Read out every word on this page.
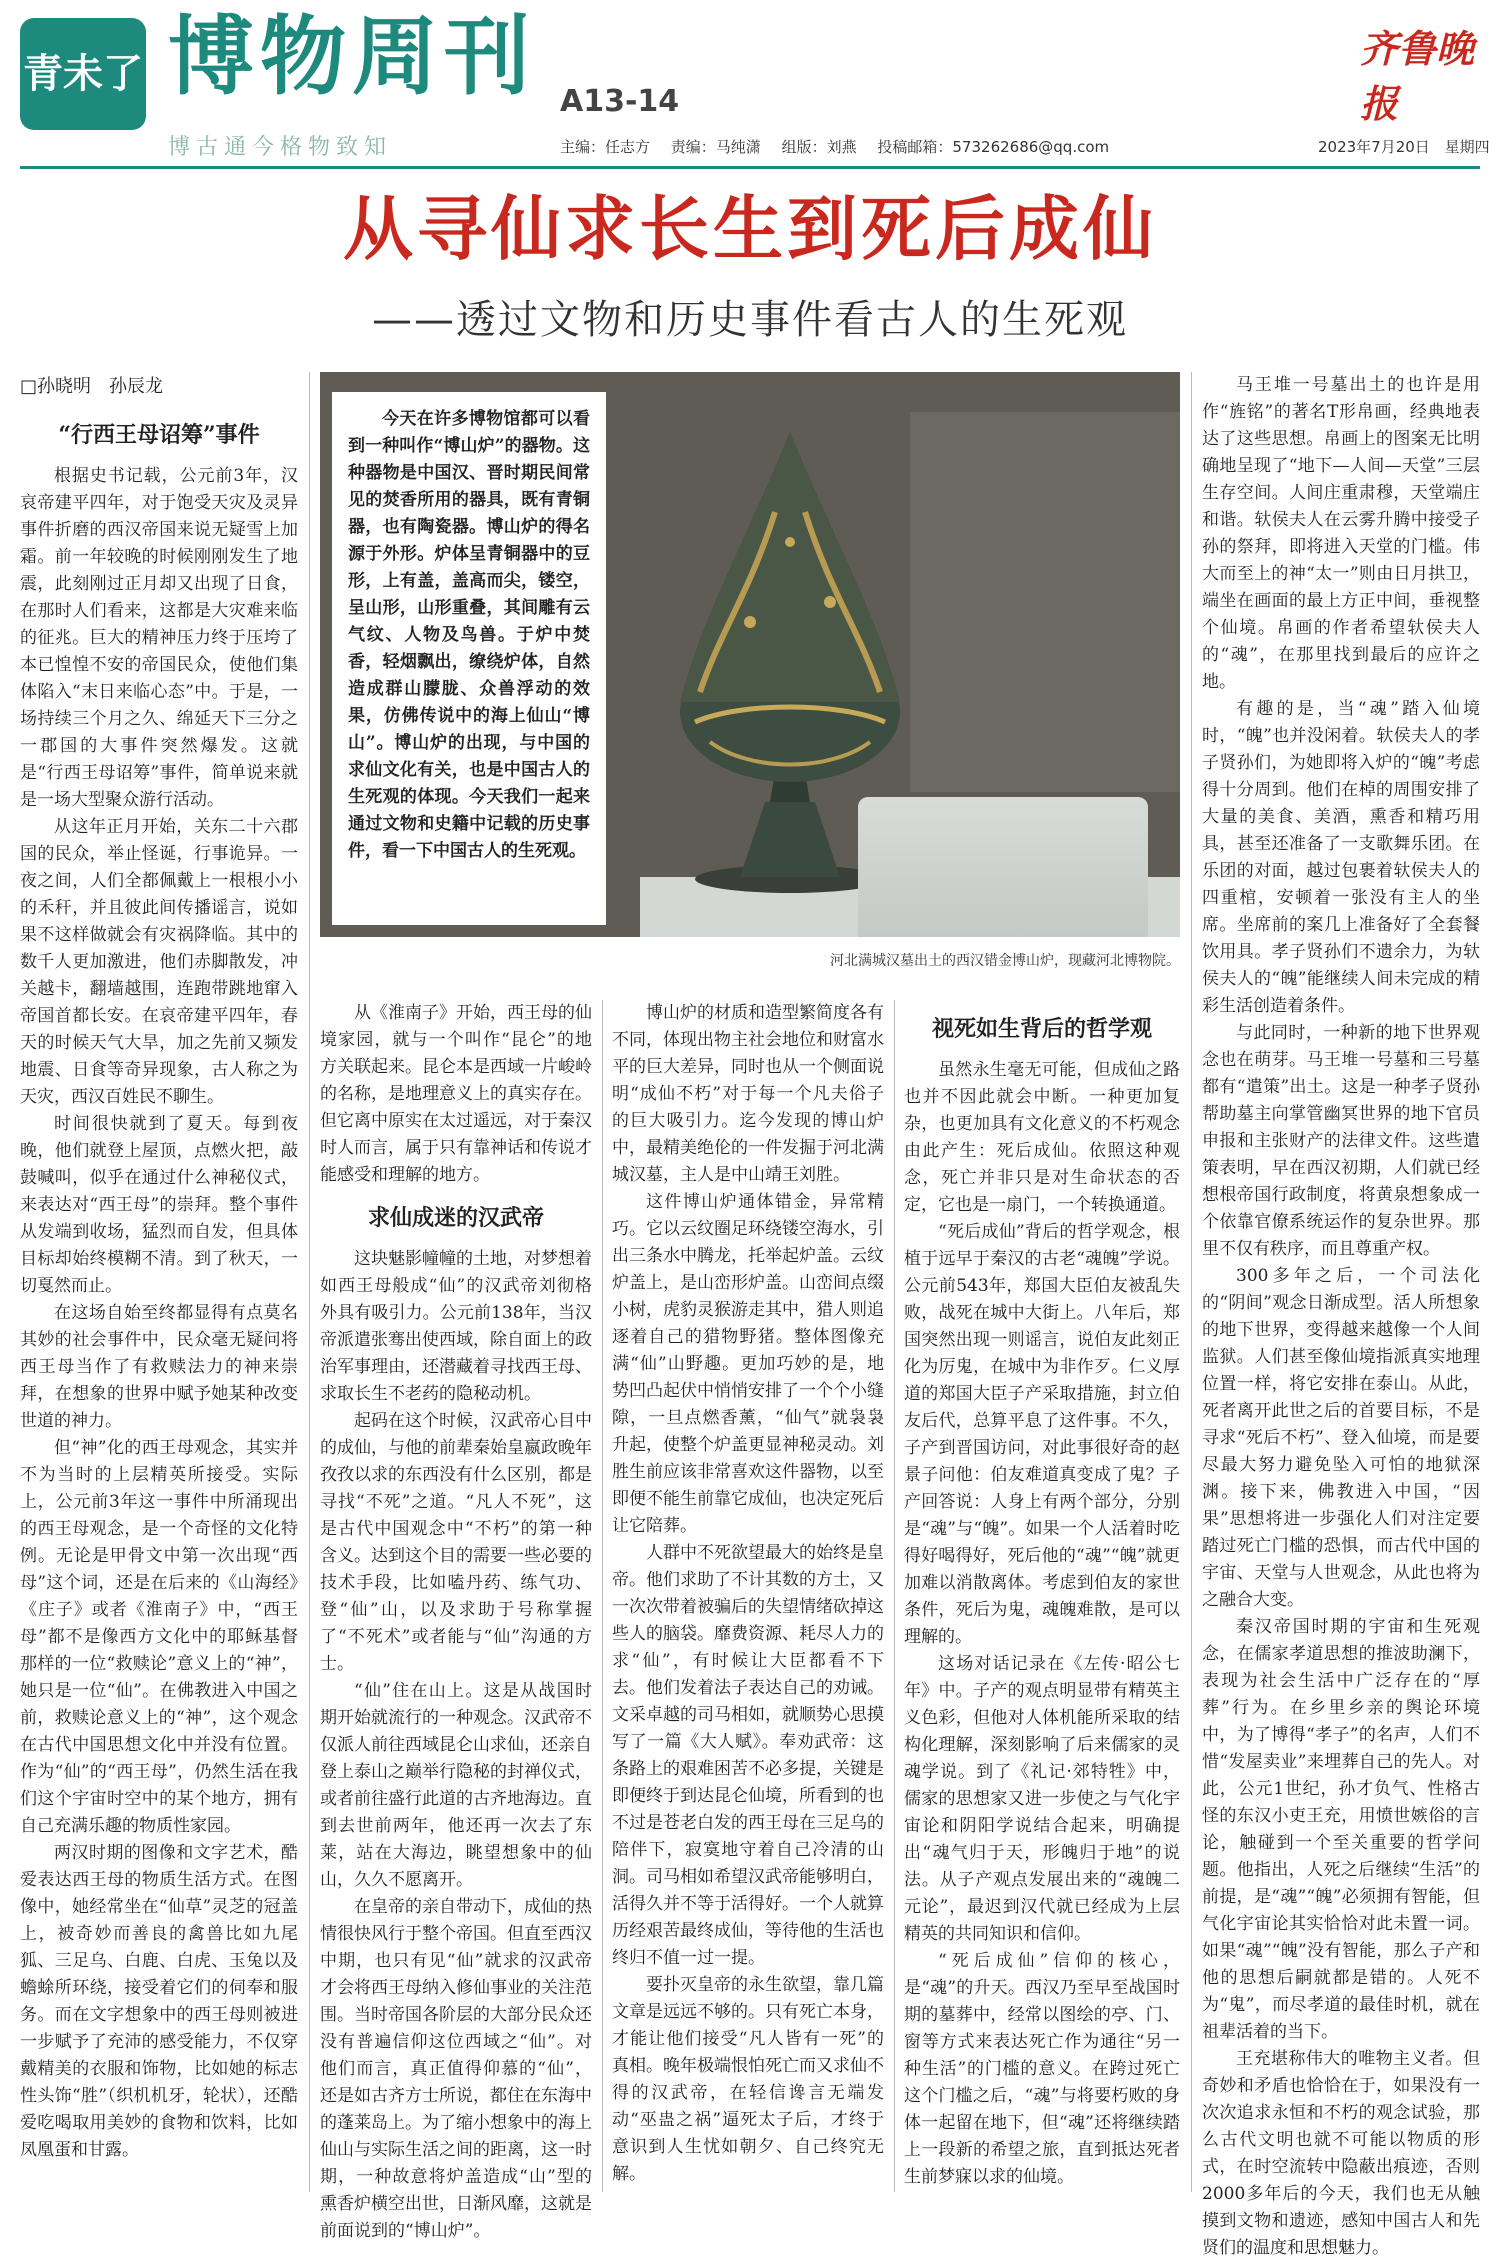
青未了 博物周刊 A13-14
齐鲁晚报
博古通今格物致知	主编：任志方 责编：马纯潇 组版：刘燕 投稿邮箱：573262686@qq.com	2023年7月20日 星期四
从寻仙求长生到死后成仙
——透过文物和历史事件看古人的生死观
□孙晓明　孙辰龙
“行西王母诏筹”事件

根据史书记载，公元前3年，汉哀帝建平四年，对于饱受天灾及灵异事件折磨的西汉帝国来说无疑雪上加霜。前一年较晚的时候刚刚发生了地震，此刻刚过正月却又出现了日食，在那时人们看来，这都是大灾难来临的征兆。巨大的精神压力终于压垮了本已惶惶不安的帝国民众，使他们集体陷入“末日来临心态”中。于是，一场持续三个月之久、绵延天下三分之一郡国的大事件突然爆发。这就是“行西王母诏筹”事件，简单说来就是一场大型聚众游行活动。

从这年正月开始，关东二十六郡国的民众，举止怪诞，行事诡异。一夜之间，人们全都佩戴上一根根小小的禾秆，并且彼此间传播谣言，说如果不这样做就会有灾祸降临。其中的数千人更加激进，他们赤脚散发，冲关越卡，翻墙越围，连跑带跳地窜入帝国首都长安。在哀帝建平四年，春天的时候天气大旱，加之先前又频发地震、日食等奇异现象，古人称之为天灾，西汉百姓民不聊生。

时间很快就到了夏天。每到夜晚，他们就登上屋顶，点燃火把，敲鼓喊叫，似乎在通过什么神秘仪式，来表达对“西王母”的崇拜。整个事件从发端到收场，猛烈而自发，但具体目标却始终模糊不清。到了秋天，一切戛然而止。

在这场自始至终都显得有点莫名其妙的社会事件中，民众毫无疑问将西王母当作了有救赎法力的神来崇拜，在想象的世界中赋予她某种改变世道的神力。

但“神”化的西王母观念，其实并不为当时的上层精英所接受。实际上，公元前3年这一事件中所涌现出的西王母观念，是一个奇怪的文化特例。无论是甲骨文中第一次出现“西母”这个词，还是在后来的《山海经》《庄子》或者《淮南子》中，“西王母”都不是像西方文化中的耶稣基督那样的一位“救赎论”意义上的“神”，她只是一位“仙”。在佛教进入中国之前，救赎论意义上的“神”，这个观念在古代中国思想文化中并没有位置。作为“仙”的“西王母”，仍然生活在我们这个宇宙时空中的某个地方，拥有自己充满乐趣的物质性家园。

两汉时期的图像和文字艺术，酷爱表达西王母的物质生活方式。在图像中，她经常坐在“仙草”灵芝的冠盖上，被奇妙而善良的禽兽比如九尾狐、三足乌、白鹿、白虎、玉兔以及蟾蜍所环绕，接受着它们的伺奉和服务。而在文字想象中的西王母则被进一步赋予了充沛的感受能力，不仅穿戴精美的衣服和饰物，比如她的标志性头饰“胜”（织机机牙，轮状），还酷爱吃喝取用美妙的食物和饮料，比如凤凰蛋和甘露。

今天在许多博物馆都可以看到一种叫作“博山炉”的器物。这种器物是中国汉、晋时期民间常见的焚香所用的器具，既有青铜器，也有陶瓷器。博山炉的得名源于外形。炉体呈青铜器中的豆形，上有盖，盖高而尖，镂空，呈山形，山形重叠，其间雕有云气纹、人物及鸟兽。于炉中焚香，轻烟飘出，缭绕炉体，自然造成群山朦胧、众兽浮动的效果，仿佛传说中的海上仙山“博山”。博山炉的出现，与中国的求仙文化有关，也是中国古人的生死观的体现。今天我们一起来通过文物和史籍中记载的历史事件，看一下中国古人的生死观。

河北满城汉墓出土的西汉错金博山炉，现藏河北博物院。

从《淮南子》开始，西王母的仙境家园，就与一个叫作“昆仑”的地方关联起来。昆仑本是西域一片峻岭的名称，是地理意义上的真实存在。但它离中原实在太过遥远，对于秦汉时人而言，属于只有靠神话和传说才能感受和理解的地方。

求仙成迷的汉武帝

这块魅影幢幢的土地，对梦想着如西王母般成“仙”的汉武帝刘彻格外具有吸引力。公元前138年，当汉帝派遣张骞出使西域，除自面上的政治军事理由，还潜藏着寻找西王母、求取长生不老药的隐秘动机。

起码在这个时候，汉武帝心目中的成仙，与他的前辈秦始皇嬴政晚年孜孜以求的东西没有什么区别，都是寻找“不死”之道。“凡人不死”，这是古代中国观念中“不朽”的第一种含义。达到这个目的需要一些必要的技术手段，比如嗑丹药、练气功、登“仙”山，以及求助于号称掌握了“不死术”或者能与“仙”沟通的方士。

“仙”住在山上。这是从战国时期开始就流行的一种观念。汉武帝不仅派人前往西域昆仑山求仙，还亲自登上泰山之巅举行隐秘的封禅仪式，或者前往盛行此道的古齐地海边。直到去世前两年，他还再一次去了东莱，站在大海边，眺望想象中的仙山，久久不愿离开。

在皇帝的亲自带动下，成仙的热情很快风行于整个帝国。但直至西汉中期，也只有见“仙”就求的汉武帝才会将西王母纳入修仙事业的关注范围。当时帝国各阶层的大部分民众还没有普遍信仰这位西域之“仙”。对他们而言，真正值得仰慕的“仙”，还是如古齐方士所说，都住在东海中的蓬莱岛上。为了缩小想象中的海上仙山与实际生活之间的距离，这一时期，一种故意将炉盖造成“山”型的熏香炉横空出世，日渐风靡，这就是前面说到的“博山炉”。

博山炉的材质和造型繁简度各有不同，体现出物主社会地位和财富水平的巨大差异，同时也从一个侧面说明“成仙不朽”对于每一个凡夫俗子的巨大吸引力。迄今发现的博山炉中，最精美绝伦的一件发掘于河北满城汉墓，主人是中山靖王刘胜。

这件博山炉通体错金，异常精巧。它以云纹圈足环绕镂空海水，引出三条水中腾龙，托举起炉盖。云纹炉盖上，是山峦形炉盖。山峦间点缀小树，虎豹灵猴游走其中，猎人则追逐着自己的猎物野猪。整体图像充满“仙”山野趣。更加巧妙的是，地势凹凸起伏中悄悄安排了一个个小缝隙，一旦点燃香薰，“仙气”就袅袅升起，使整个炉盖更显神秘灵动。刘胜生前应该非常喜欢这件器物，以至即便不能生前靠它成仙，也决定死后让它陪葬。

人群中不死欲望最大的始终是皇帝。他们求助了不计其数的方士，又一次次带着被骗后的失望情绪砍掉这些人的脑袋。靡费资源、耗尽人力的求“仙”，有时候让大臣都看不下去。他们发着法子表达自己的劝诫。文采卓越的司马相如，就顺势心思摸写了一篇《大人赋》。奉劝武帝：这条路上的艰难困苦不必多提，关键是即便终于到达昆仑仙境，所看到的也不过是苍老白发的西王母在三足乌的陪伴下，寂寞地守着自己冷清的山洞。司马相如希望汉武帝能够明白，活得久并不等于活得好。一个人就算历经艰苦最终成仙，等待他的生活也终归不值一过一提。

要扑灭皇帝的永生欲望，靠几篇文章是远远不够的。只有死亡本身，才能让他们接受“凡人皆有一死”的真相。晚年极端恨怕死亡而又求仙不得的汉武帝，在轻信谗言无端发动“巫蛊之祸”逼死太子后，才终于意识到人生忧如朝夕、自己终究无解。

视死如生背后的哲学观

虽然永生毫无可能，但成仙之路也并不因此就会中断。一种更加复杂，也更加具有文化意义的不朽观念由此产生：死后成仙。依照这种观念，死亡并非只是对生命状态的否定，它也是一扇门，一个转换通道。

“死后成仙”背后的哲学观念，根植于远早于秦汉的古老“魂魄”学说。公元前543年，郑国大臣伯友被乱失败，战死在城中大街上。八年后，郑国突然出现一则谣言，说伯友此刻正化为厉鬼，在城中为非作歹。仁义厚道的郑国大臣子产采取措施，封立伯友后代，总算平息了这件事。不久，子产到晋国访问，对此事很好奇的赵景子问他：伯友难道真变成了鬼？子产回答说：人身上有两个部分，分别是“魂”与“魄”。如果一个人活着时吃得好喝得好，死后他的“魂”“魄”就更加难以消散离体。考虑到伯友的家世条件，死后为鬼，魂魄难散，是可以理解的。

这场对话记录在《左传·昭公七年》中。子产的观点明显带有精英主义色彩，但他对人体机能所采取的结构化理解，深刻影响了后来儒家的灵魂学说。到了《礼记·郊特牲》中，儒家的思想家又进一步使之与气化宇宙论和阴阳学说结合起来，明确提出“魂气归于天，形魄归于地”的说法。从子产观点发展出来的“魂魄二元论”，最迟到汉代就已经成为上层精英的共同知识和信仰。

“死后成仙”信仰的核心，是“魂”的升天。西汉乃至早至战国时期的墓葬中，经常以图绘的亭、门、窗等方式来表达死亡作为通往“另一种生活”的门槛的意义。在跨过死亡这个门槛之后，“魂”与将要朽败的身体一起留在地下，但“魂”还将继续踏上一段新的希望之旅，直到抵达死者生前梦寐以求的仙境。

马王堆一号墓出土的也许是用作“旌铭”的著名T形帛画，经典地表达了这些思想。帛画上的图案无比明确地呈现了“地下—人间—天堂”三层生存空间。人间庄重肃穆，天堂端庄和谐。轪侯夫人在云雾升腾中接受子孙的祭拜，即将进入天堂的门槛。伟大而至上的神“太一”则由日月拱卫，端坐在画面的最上方正中间，垂视整个仙境。帛画的作者希望轪侯夫人的“魂”，在那里找到最后的应许之地。

有趣的是，当“魂”踏入仙境时，“魄”也并没闲着。轪侯夫人的孝子贤孙们，为她即将入炉的“魄”考虑得十分周到。他们在棹的周围安排了大量的美食、美酒，熏香和精巧用具，甚至还准备了一支歌舞乐团。在乐团的对面，越过包裹着轪侯夫人的四重棺，安顿着一张没有主人的坐席。坐席前的案几上准备好了全套餐饮用具。孝子贤孙们不遗余力，为轪侯夫人的“魄”能继续人间未完成的精彩生活创造着条件。

与此同时，一种新的地下世界观念也在萌芽。马王堆一号墓和三号墓都有“遣策”出土。这是一种孝子贤孙帮助墓主向掌管幽冥世界的地下官员申报和主张财产的法律文件。这些遣策表明，早在西汉初期，人们就已经想根帝国行政制度，将黄泉想象成一个依靠官僚系统运作的复杂世界。那里不仅有秩序，而且尊重产权。

300多年之后，一个司法化的“阴间”观念日渐成型。活人所想象的地下世界，变得越来越像一个人间监狱。人们甚至像仙境指派真实地理位置一样，将它安排在泰山。从此，死者离开此世之后的首要目标，不是寻求“死后不朽”、登入仙境，而是要尽最大努力避免坠入可怕的地狱深渊。接下来，佛教进入中国，“因果”思想将进一步强化人们对注定要踏过死亡门槛的恐惧，而古代中国的宇宙、天堂与人世观念，从此也将为之融合大变。

秦汉帝国时期的宇宙和生死观念，在儒家孝道思想的推波助澜下，表现为社会生活中广泛存在的“厚葬”行为。在乡里乡亲的舆论环境中，为了博得“孝子”的名声，人们不惜“发屋卖业”来埋葬自己的先人。对此，公元1世纪，孙才负气、性格古怪的东汉小吏王充，用愤世嫉俗的言论，触碰到一个至关重要的哲学问题。他指出，人死之后继续“生活”的前提，是“魂”“魄”必须拥有智能，但气化宇宙论其实恰恰对此未置一词。如果“魂”“魄”没有智能，那么子产和他的思想后嗣就都是错的。人死不为“鬼”，而尽孝道的最佳时机，就在祖辈活着的当下。

王充堪称伟大的唯物主义者。但奇妙和矛盾也恰恰在于，如果没有一次次追求永恒和不朽的观念试验，那么古代文明也就不可能以物质的形式，在时空流转中隐蔽出痕迹，否则2000多年后的今天，我们也无从触摸到文物和遗迹，感知中国古人和先贤们的温度和思想魅力。
